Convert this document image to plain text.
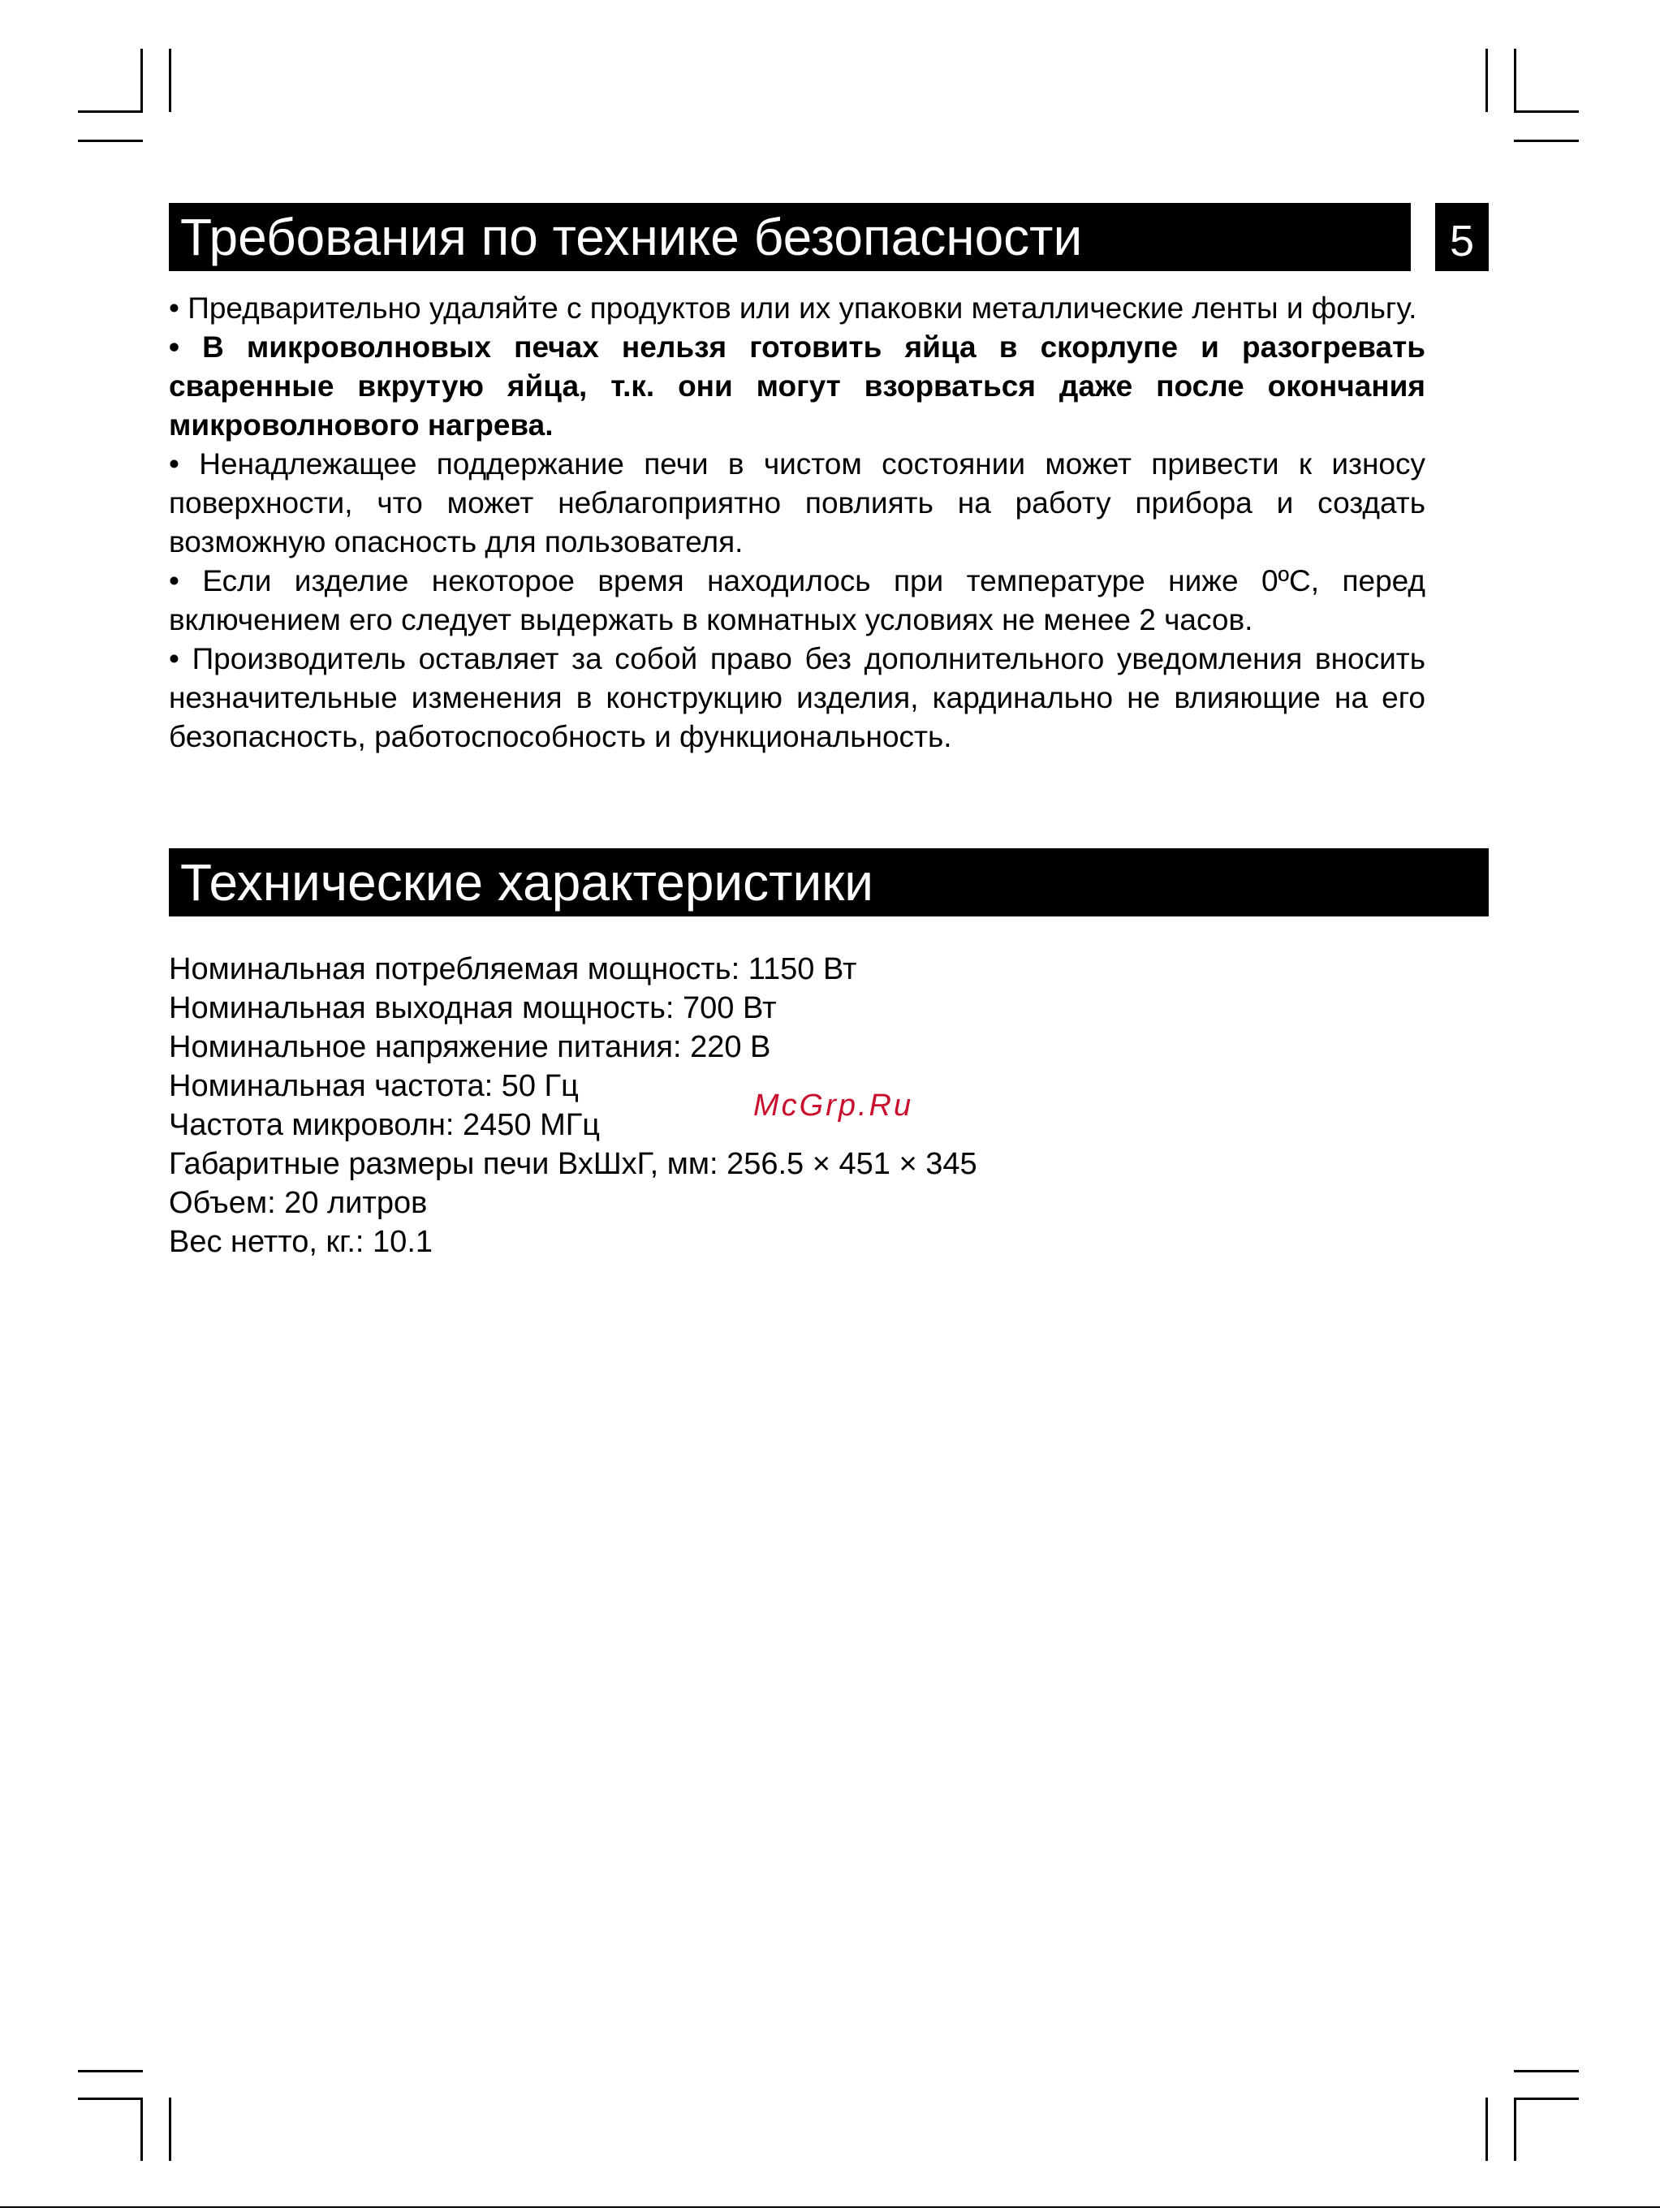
Требования по технике безопасности	5

• Предварительно удаляйте с продуктов или их упаковки металлические ленты и фольгу.

• В микроволновых печах нельзя готовить яйца в скорлупе и разогревать сваренные вкрутую яйца, т.к. они могут взорваться даже после окончания микроволнового нагрева.

• Ненадлежащее поддержание печи в чистом состоянии может привести к износу поверхности, что может неблагоприятно повлиять на работу прибора и создать возможную опасность для пользователя.

• Если изделие некоторое время находилось при температуре ниже 0ºС, перед включением его следует выдержать в комнатных условиях не менее 2 часов.

• Производитель оставляет за собой право без дополнительного уведомления вносить незначительные изменения в конструкцию изделия, кардинально не влияющие на его безопасность, работоспособность и функциональность.

Технические характеристики
Номинальная потребляемая мощность: 1150 Вт
Номинальная выходная мощность: 700 Вт
Номинальное напряжение питания: 220 В
Номинальная частота: 50 Гц
Частота микроволн: 2450 МГц
Габаритные размеры печи ВхШхГ, мм: 256.5 × 451 × 345
Объем: 20 литров
Вес нетто, кг.: 10.1
McGrp.Ru
